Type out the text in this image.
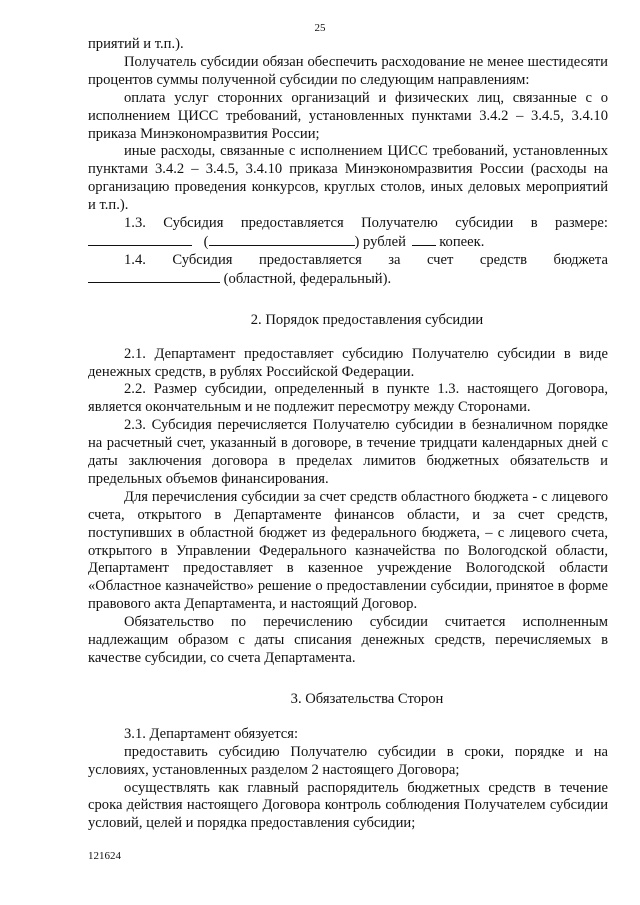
25
приятий и т.п.).
Получатель субсидии обязан обеспечить расходование не менее шестидесяти процентов суммы полученной субсидии по следующим направлениям:
оплата услуг сторонних организаций и физических лиц, связанные с о исполнением ЦИСС требований, установленных пунктами 3.4.2 – 3.4.5, 3.4.10 приказа Минэкономразвития России;
иные расходы, связанные с исполнением ЦИСС требований, установленных пунктами 3.4.2 – 3.4.5, 3.4.10 приказа Минэкономразвития России (расходы на организацию проведения конкурсов, круглых столов, иных деловых мероприятий и т.п.).
1.3. Субсидия предоставляется Получателю субсидии в размере:
(	) рублей копеек.
1.4. Субсидия предоставляется за счет средств бюджета
(областной, федеральный).
2. Порядок предоставления субсидии
2.1. Департамент предоставляет субсидию Получателю субсидии в виде денежных средств, в рублях Российской Федерации.
2.2. Размер субсидии, определенный в пункте 1.3. настоящего Договора, является окончательным и не подлежит пересмотру между Сторонами.
2.3. Субсидия перечисляется Получателю субсидии в безналичном порядке на расчетный счет, указанный в договоре, в течение тридцати календарных дней с даты заключения договора в пределах лимитов бюджетных обязательств и предельных объемов финансирования.
Для перечисления субсидии за счет средств областного бюджета - с лицевого счета, открытого в Департаменте финансов области, и за счет средств, поступивших в областной бюджет из федерального бюджета, – с лицевого счета, открытого в Управлении Федерального казначейства по Вологодской области, Департамент предоставляет в казенное учреждение Вологодской области «Областное казначейство» решение о предоставлении субсидии, принятое в форме правового акта Департамента, и настоящий Договор.
Обязательство по перечислению субсидии считается исполненным надлежащим образом с даты списания денежных средств, перечисляемых в качестве субсидии, со счета Департамента.
3. Обязательства Сторон
3.1. Департамент обязуется:
предоставить субсидию Получателю субсидии в сроки, порядке и на условиях, установленных разделом 2 настоящего Договора;
осуществлять как главный распорядитель бюджетных средств в течение срока действия настоящего Договора контроль соблюдения Получателем субсидии условий, целей и порядка предоставления субсидии;
121624
